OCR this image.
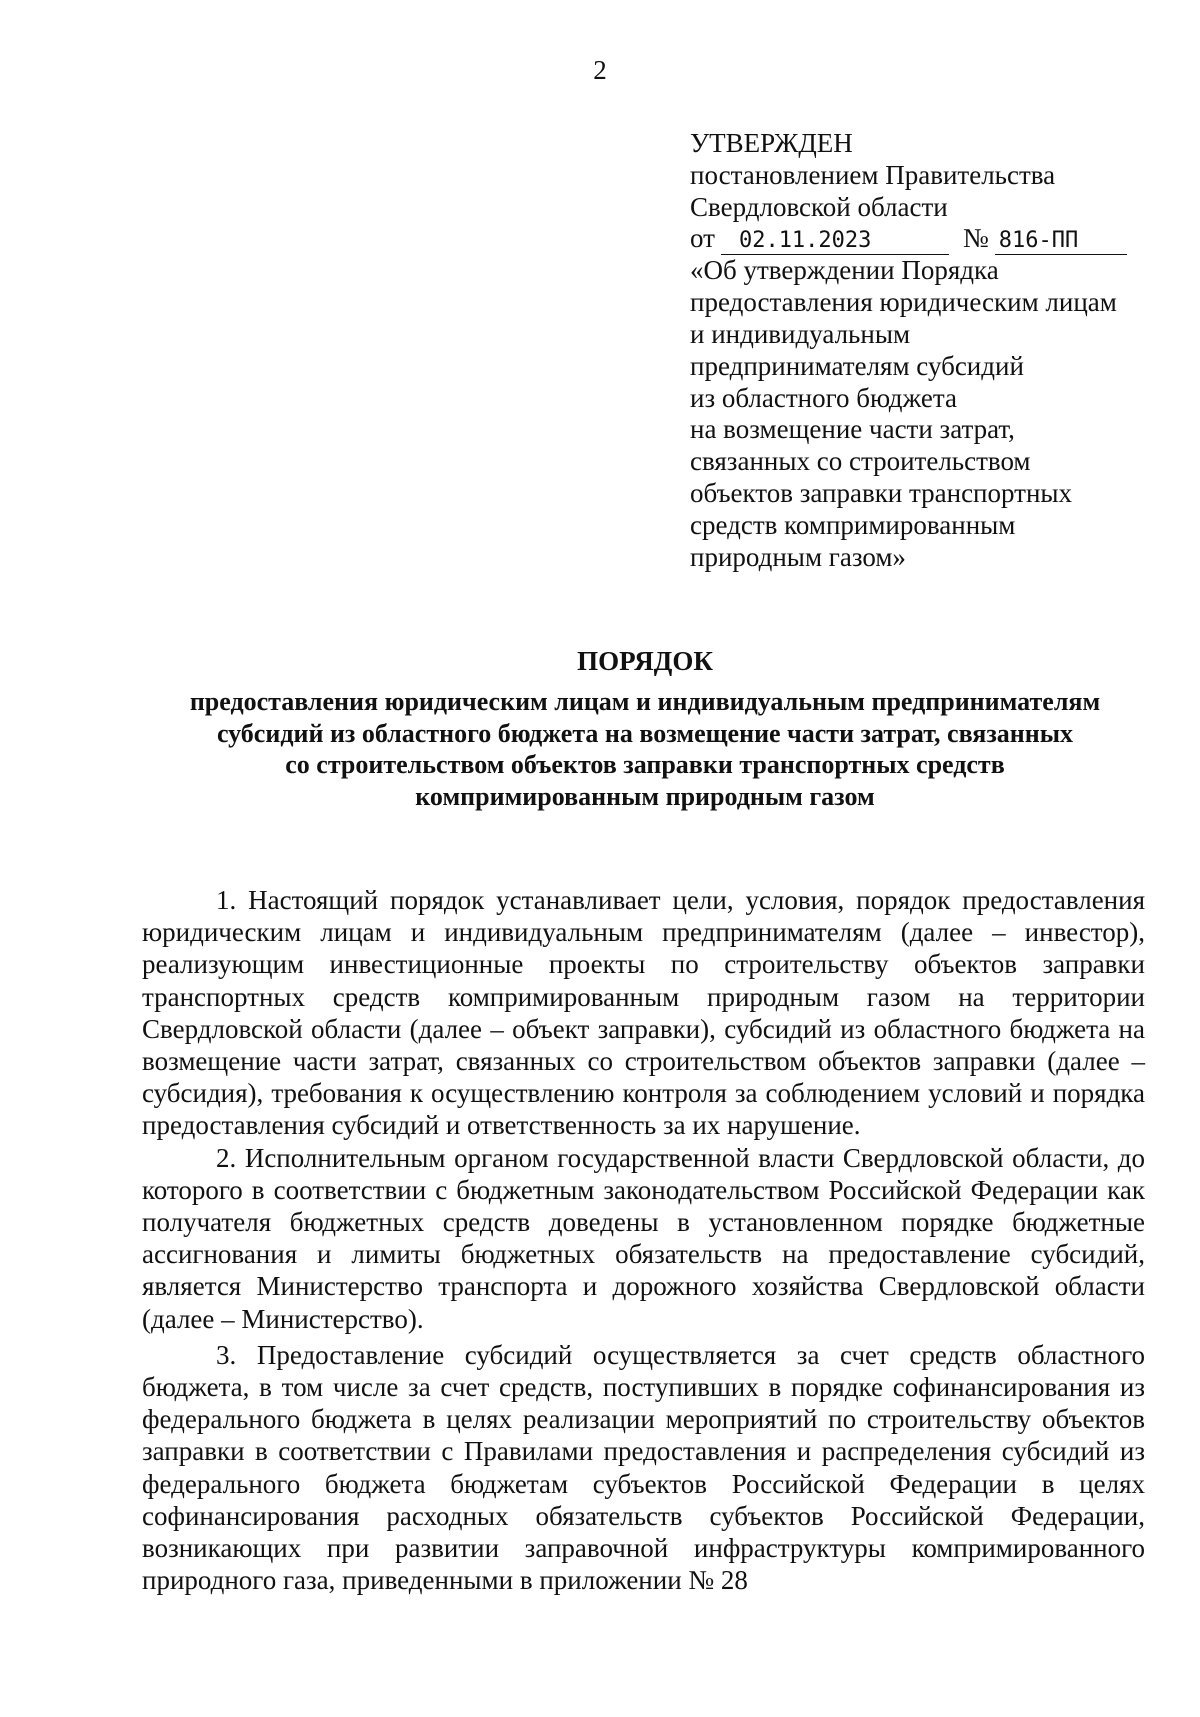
2
УТВЕРЖДЕН
постановлением Правительства
Свердловской области
от	02.11.2023	№ 816-ПП
«Об утверждении Порядка
предоставления юридическим лицам
и индивидуальным
предпринимателям субсидий
из областного бюджета
на возмещение части затрат,
связанных со строительством
объектов заправки транспортных
средств компримированным
природным газом»
ПОРЯДОК
предоставления юридическим лицам и индивидуальным предпринимателям
субсидий из областного бюджета на возмещение части затрат, связанных
со строительством объектов заправки транспортных средств
компримированным природным газом

1. Настоящий порядок устанавливает цели, условия, порядок предоставления юридическим лицам и индивидуальным предпринимателям (далее – инвестор), реализующим инвестиционные проекты по строительству объектов заправки транспортных средств компримированным природным газом на территории Свердловской области (далее – объект заправки), субсидий из областного бюджета на возмещение части затрат, связанных со строительством объектов заправки (далее – субсидия), требования к осуществлению контроля за соблюдением условий и порядка предоставления субсидий и ответственность за их нарушение.

2. Исполнительным органом государственной власти Свердловской области, до которого в соответствии с бюджетным законодательством Российской Федерации как получателя бюджетных средств доведены в установленном порядке бюджетные ассигнования и лимиты бюджетных обязательств на предоставление субсидий, является Министерство транспорта и дорожного хозяйства Свердловской области (далее – Министерство).

3. Предоставление субсидий осуществляется за счет средств областного бюджета, в том числе за счет средств, поступивших в порядке софинансирования из федерального бюджета в целях реализации мероприятий по строительству объектов заправки в соответствии с Правилами предоставления и распределения субсидий из федерального бюджета бюджетам субъектов Российской Федерации в целях софинансирования расходных обязательств субъектов Российской Федерации, возникающих при развитии заправочной инфраструктуры компримированного природного газа, приведенными в приложении № 28
